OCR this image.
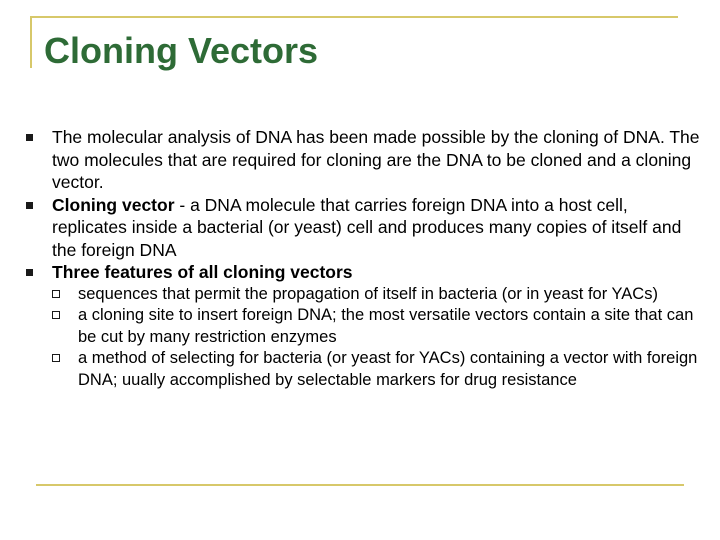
Cloning Vectors
The molecular analysis of DNA has been made possible by the cloning of DNA. The two molecules that are required for cloning are the DNA to be cloned and a cloning vector.
Cloning vector - a DNA molecule that carries foreign DNA into a host cell, replicates inside a bacterial (or yeast) cell and produces many copies of itself and the foreign DNA
Three features of all cloning vectors
sequences that permit the propagation of itself in bacteria (or in yeast for YACs)
a cloning site to insert foreign DNA; the most versatile vectors contain a site that can be cut by many restriction enzymes
a method of selecting for bacteria (or yeast for YACs) containing a vector with foreign DNA; uually accomplished by selectable markers for drug resistance
